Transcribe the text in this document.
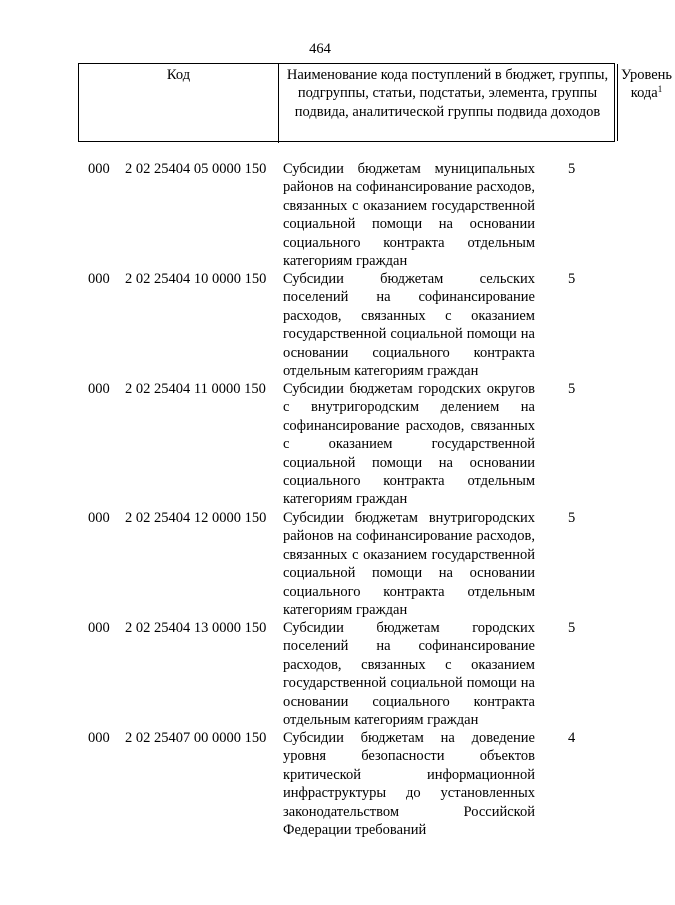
464
Код	Наименование кода поступлений в бюджет, группы, подгруппы, статьи, подстатьи, элемента, группы подвида, аналитической группы подвида доходов
Уровень кода$^1$
000 2 02 25404 05 0000 150 Субсидии бюджетам муниципальных районов на софинансирование расходов, связанных с оказанием государственной социальной помощи на основании социального контракта отдельным категориям граждан
5
000 2 02 25404 10 0000 150 Субсидии бюджетам сельских поселений на софинансирование расходов, связанных с оказанием государственной социальной помощи на основании социального контракта отдельным категориям граждан
5
000 2 02 25404 11 0000 150 Субсидии бюджетам городских округов с внутригородским делением на софинансирование расходов, связанных с оказанием государственной социальной помощи на основании социального контракта отдельным категориям граждан
5
000 2 02 25404 12 0000 150 Субсидии бюджетам внутригородских районов на софинансирование расходов, связанных с оказанием государственной социальной помощи на основании социального контракта отдельным категориям граждан
5
000 2 02 25404 13 0000 150 Субсидии бюджетам городских поселений на софинансирование расходов, связанных с оказанием государственной социальной помощи на основании социального контракта отдельным категориям граждан
5
000 2 02 25407 00 0000 150 Субсидии бюджетам на доведение уровня безопасности объектов критической информационной инфраструктуры до установленных законодательством Российской Федерации требований
4
